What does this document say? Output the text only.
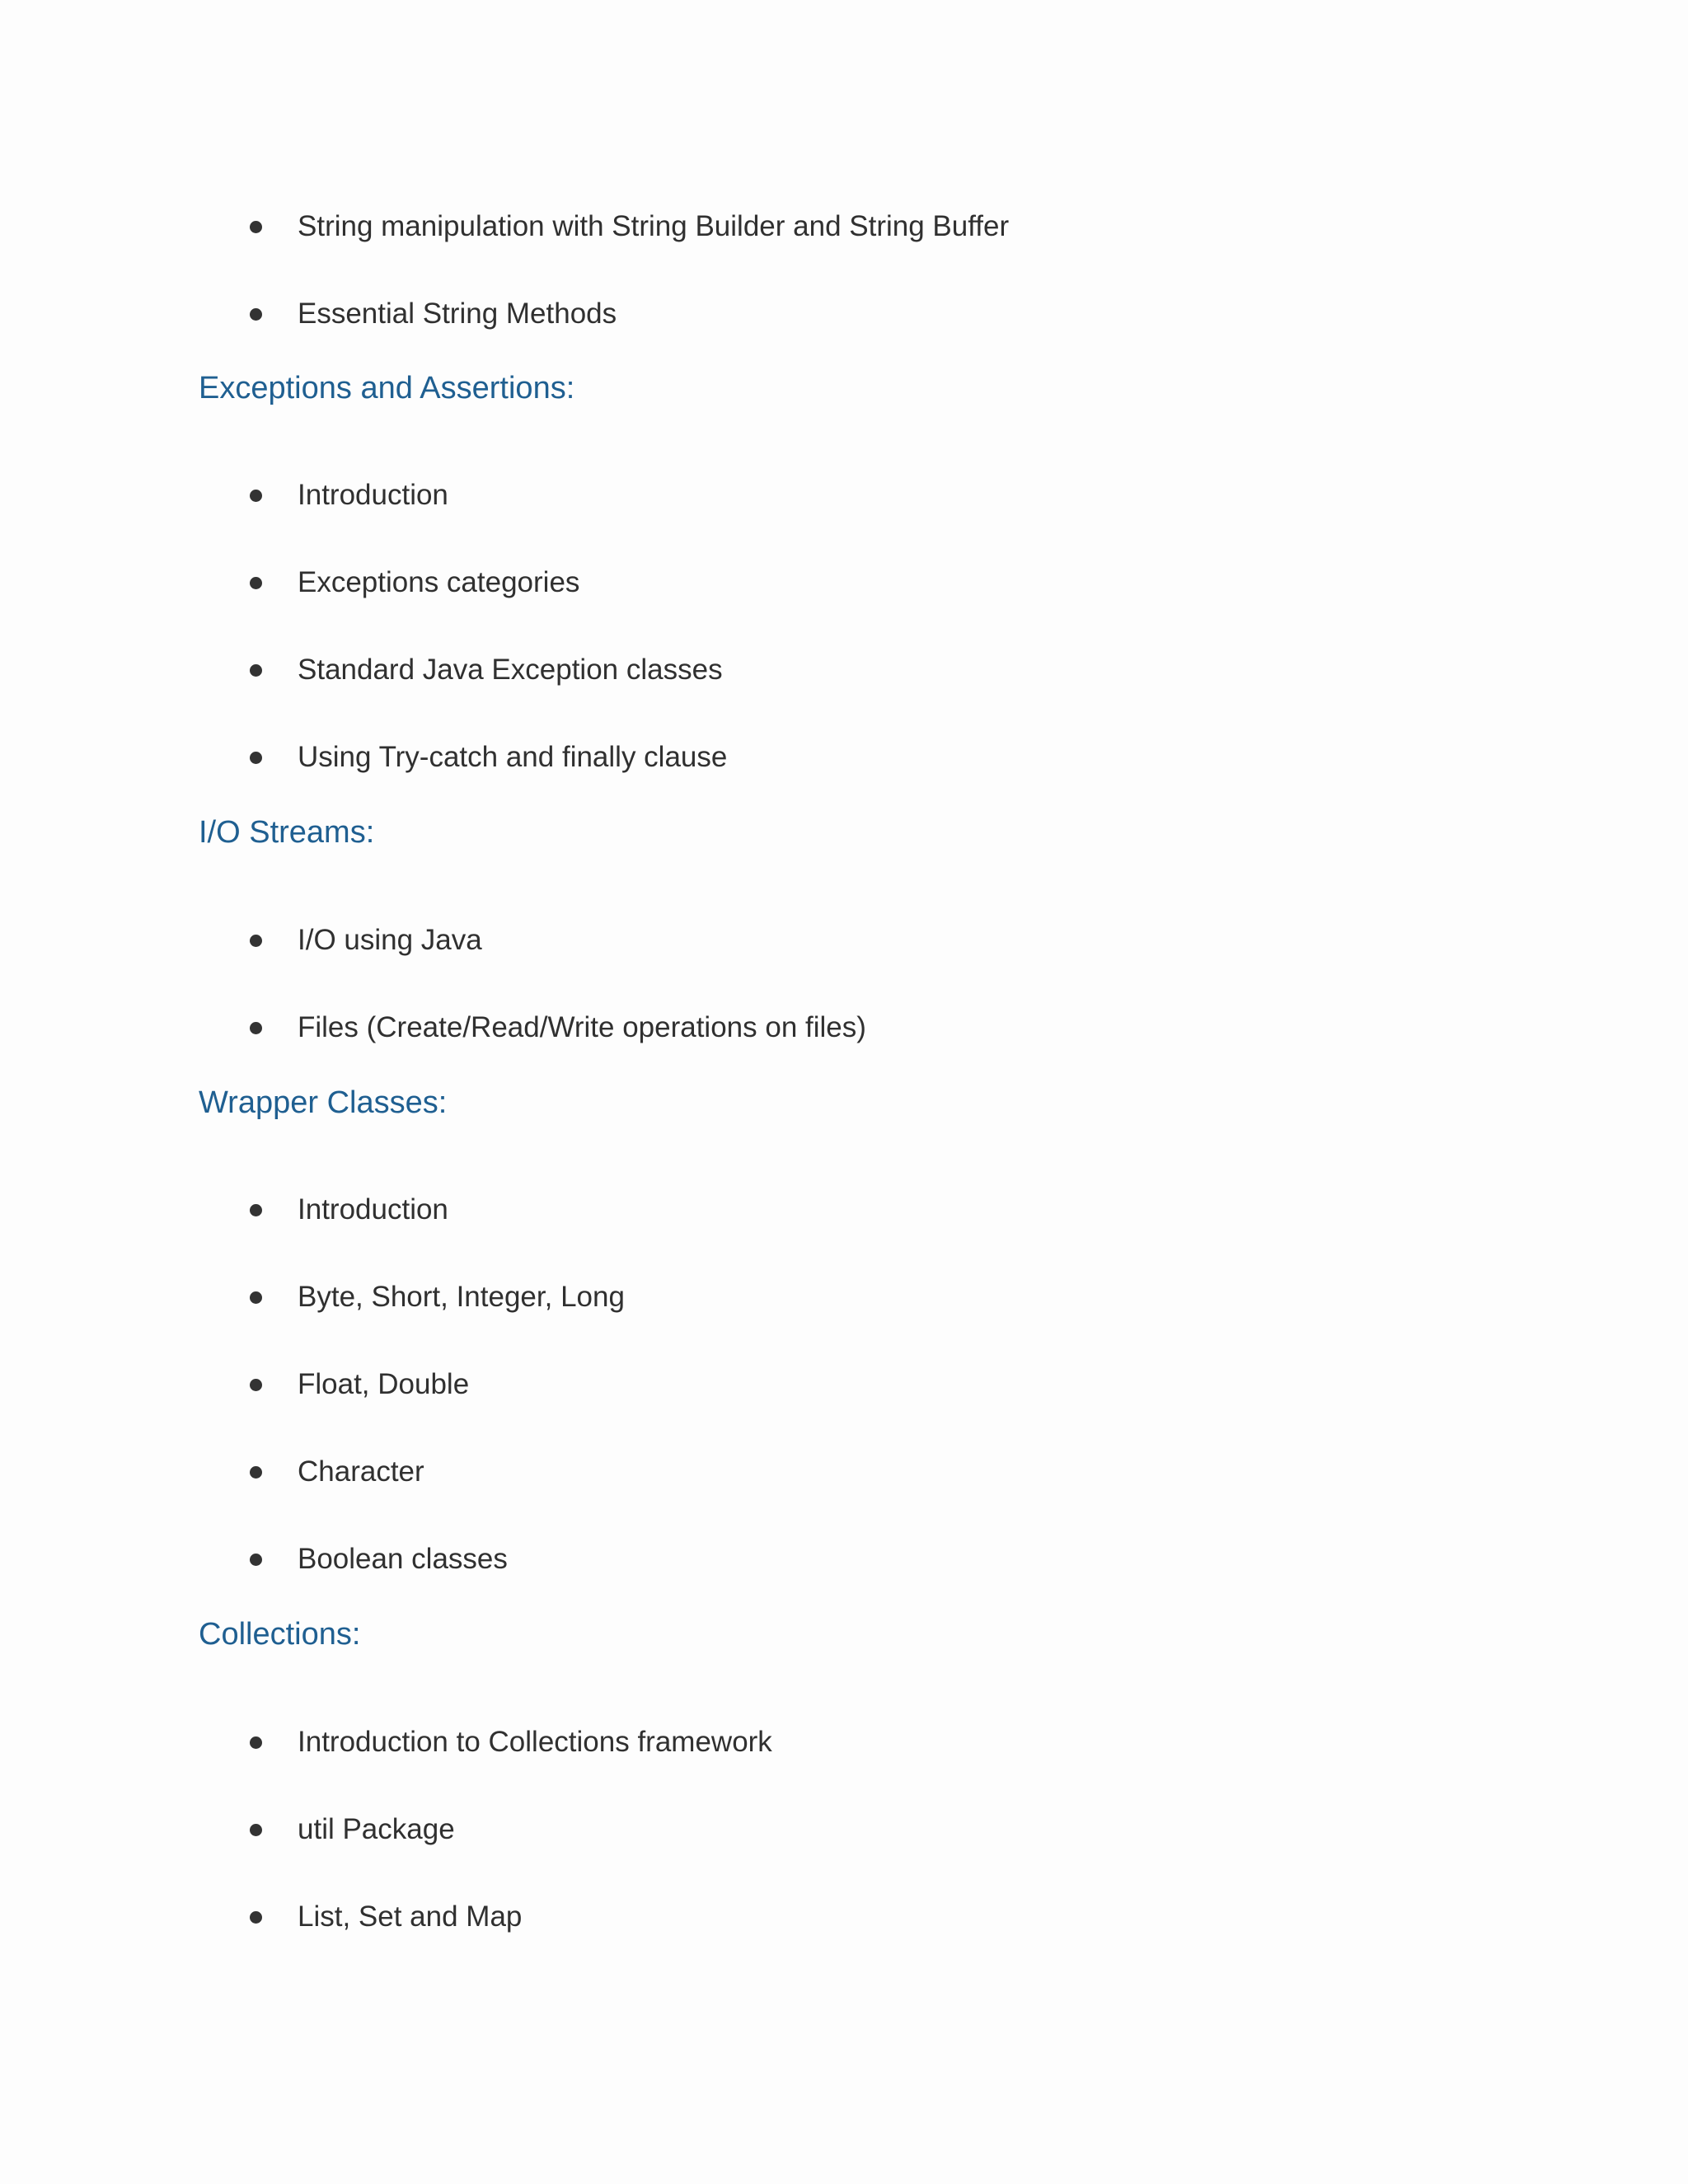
String manipulation with String Builder and String Buffer
Essential String Methods
Exceptions and Assertions:
Introduction
Exceptions categories
Standard Java Exception classes
Using Try-catch and finally clause
I/O Streams:
I/O using Java
Files (Create/Read/Write operations on files)
Wrapper Classes:
Introduction
Byte, Short, Integer, Long
Float, Double
Character
Boolean classes
Collections:
Introduction to Collections framework
util Package
List, Set and Map
